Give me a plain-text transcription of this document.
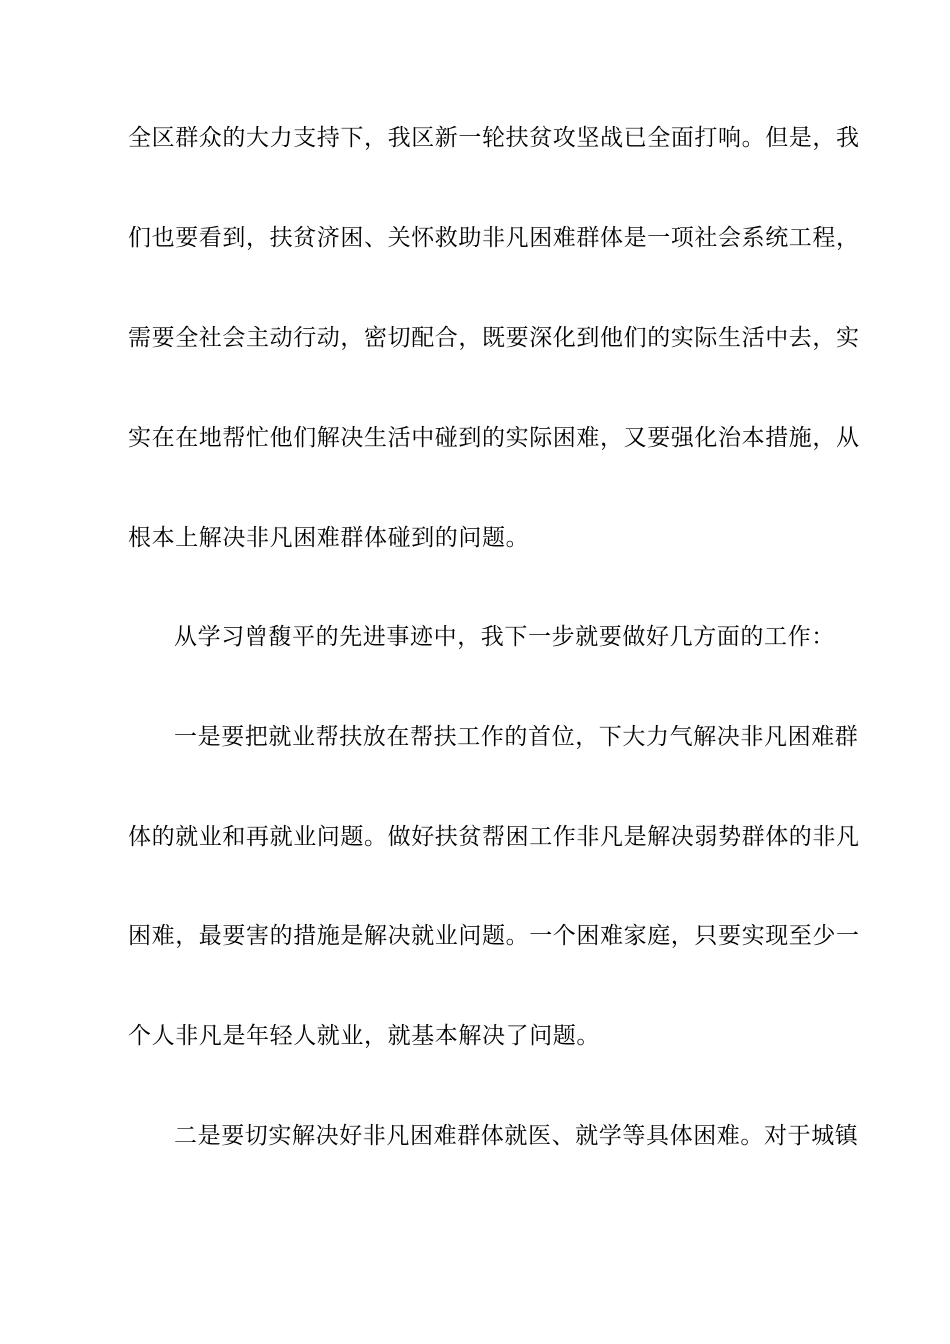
全区群众的大力支持下，我区新一轮扶贫攻坚战已全面打响。但是，我
们也要看到，扶贫济困、关怀救助非凡困难群体是一项社会系统工程，
需要全社会主动行动，密切配合，既要深化到他们的实际生活中去，实
实在在地帮忙他们解决生活中碰到的实际困难，又要强化治本措施，从
根本上解决非凡困难群体碰到的问题。
从学习曾馥平的先进事迹中，我下一步就要做好几方面的工作：
一是要把就业帮扶放在帮扶工作的首位，下大力气解决非凡困难群
体的就业和再就业问题。做好扶贫帮困工作非凡是解决弱势群体的非凡
困难，最要害的措施是解决就业问题。一个困难家庭，只要实现至少一
个人非凡是年轻人就业，就基本解决了问题。
二是要切实解决好非凡困难群体就医、就学等具体困难。对于城镇
